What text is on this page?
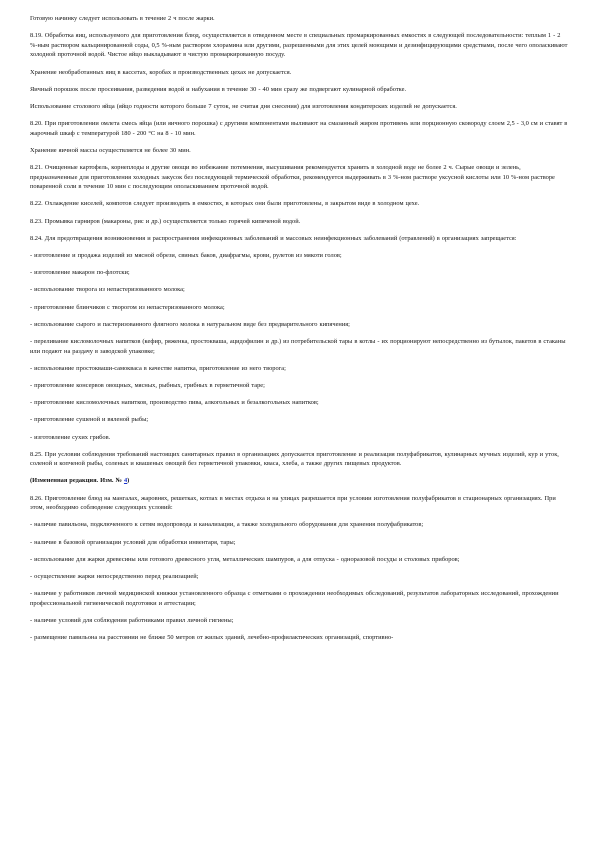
Готовую начинку следует использовать в течение 2 ч после жарки.

8.19. Обработка яиц, используемого для приготовления блюд, осуществляется в отведенном месте в специальных промаркированных емкостях в следующей последовательности: теплым 1 - 2 %-ным раствором кальцинированной соды, 0,5 %-ным раствором хлорамина или другими, разрешенными для этих целей моющими и дезинфицирующими средствами, после чего ополаскивают холодной проточной водой. Чистое яйцо выкладывают в чистую промаркированную посуду.

Хранение необработанных яиц в кассетах, коробах в производственных цехах не допускается.

Яичный порошок после просеивания, разведения водой и набухания в течение 30 - 40 мин сразу же подвергают кулинарной обработке.

Использование столового яйца (яйцо годности которого больше 7 суток, не считая дня снесения) для изготовления кондитерских изделий не допускается.

8.20. При приготовлении омлета смесь яйца (или яичного порошка) с другими компонентами выливают на смазанный жиром противень или порционную сковороду слоем 2,5 - 3,0 см и ставят в жарочный шкаф с температурой 180 - 200 °С на 8 - 10 мин.

Хранение яичной массы осуществляется не более 30 мин.

8.21. Очищенные картофель, корнеплоды и другие овощи во избежание потемнения, высушивания рекомендуется хранить в холодной воде не более 2 ч. Сырые овощи и зелень, предназначенные для приготовления холодных закусок без последующей термической обработки, рекомендуется выдерживать в 3 %-ном растворе уксусной кислоты или 10 %-ном растворе поваренной соли в течение 10 мин с последующим ополаскиванием проточной водой.

8.22. Охлаждение киселей, компотов следует производить в емкостях, в которых они были приготовлены, в закрытом виде в холодном цехе.

8.23. Промывка гарниров (макароны, рис и др.) осуществляется только горячей кипяченой водой.

8.24. Для предотвращения возникновения и распространения инфекционных заболеваний и массовых неинфекционных заболеваний (отравлений) в организациях запрещается:

- изготовление и продажа изделий из мясной обрези, свиных баков, диафрагмы, крови, рулетов из мякоти голов;

- изготовление макарон по-флотски;

- использование творога из непастеризованного молока;

- приготовление блинчиков с творогом из непастеризованного молока;

- использование сырого и пастеризованного флягного молока в натуральном виде без предварительного кипячения;

- переливание кисломолочных напитков (кефир, ряженка, простокваша, ацидофилин и др.) из потребительской тары в котлы - их порционируют непосредственно из бутылок, пакетов в стаканы или подают на раздачу в заводской упаковке;

- использование простокваши-самокваса в качестве напитка, приготовление из него творога;

- приготовление консервов овощных, мясных, рыбных, грибных в герметичной таре;

- приготовление кисломолочных напитков, производство пива, алкогольных и безалкогольных напитков;

- приготовление сушеной и вяленой рыбы;

- изготовление сухих грибов.

8.25. При условии соблюдения требований настоящих санитарных правил в организациях допускается приготовление и реализация полуфабрикатов, кулинарных мучных изделий, кур и уток, соленой и копченой рыбы, соленых и квашеных овощей без герметичной упаковки, кваса, хлеба, а также других пищевых продуктов.

(Измененная редакция. Изм. № 4)

8.26. Приготовление блюд на мангалах, жаровнях, решетках, котлах в местах отдыха и на улицах разрешается при условии изготовления полуфабрикатов в стационарных организациях. При этом, необходимо соблюдение следующих условий:

- наличие павильона, подключенного к сетям водопровода и канализации, а также холодильного оборудования для хранения полуфабрикатов;

- наличие в базовой организации условий для обработки инвентаря, тары;

- использование для жарки древесины или готового древесного угля, металлических шампуров, а для отпуска - одноразовой посуды и столовых приборов;

- осуществление жарки непосредственно перед реализацией;

- наличие у работников личной медицинской книжки установленного образца с отметками о прохождении необходимых обследований, результатов лабораторных исследований, прохождении профессиональной гигиенической подготовки и аттестации;

- наличие условий для соблюдения работниками правил личной гигиены;

- размещение павильона на расстоянии не ближе 50 метров от жилых зданий, лечебно-профилактических организаций, спортивно-
